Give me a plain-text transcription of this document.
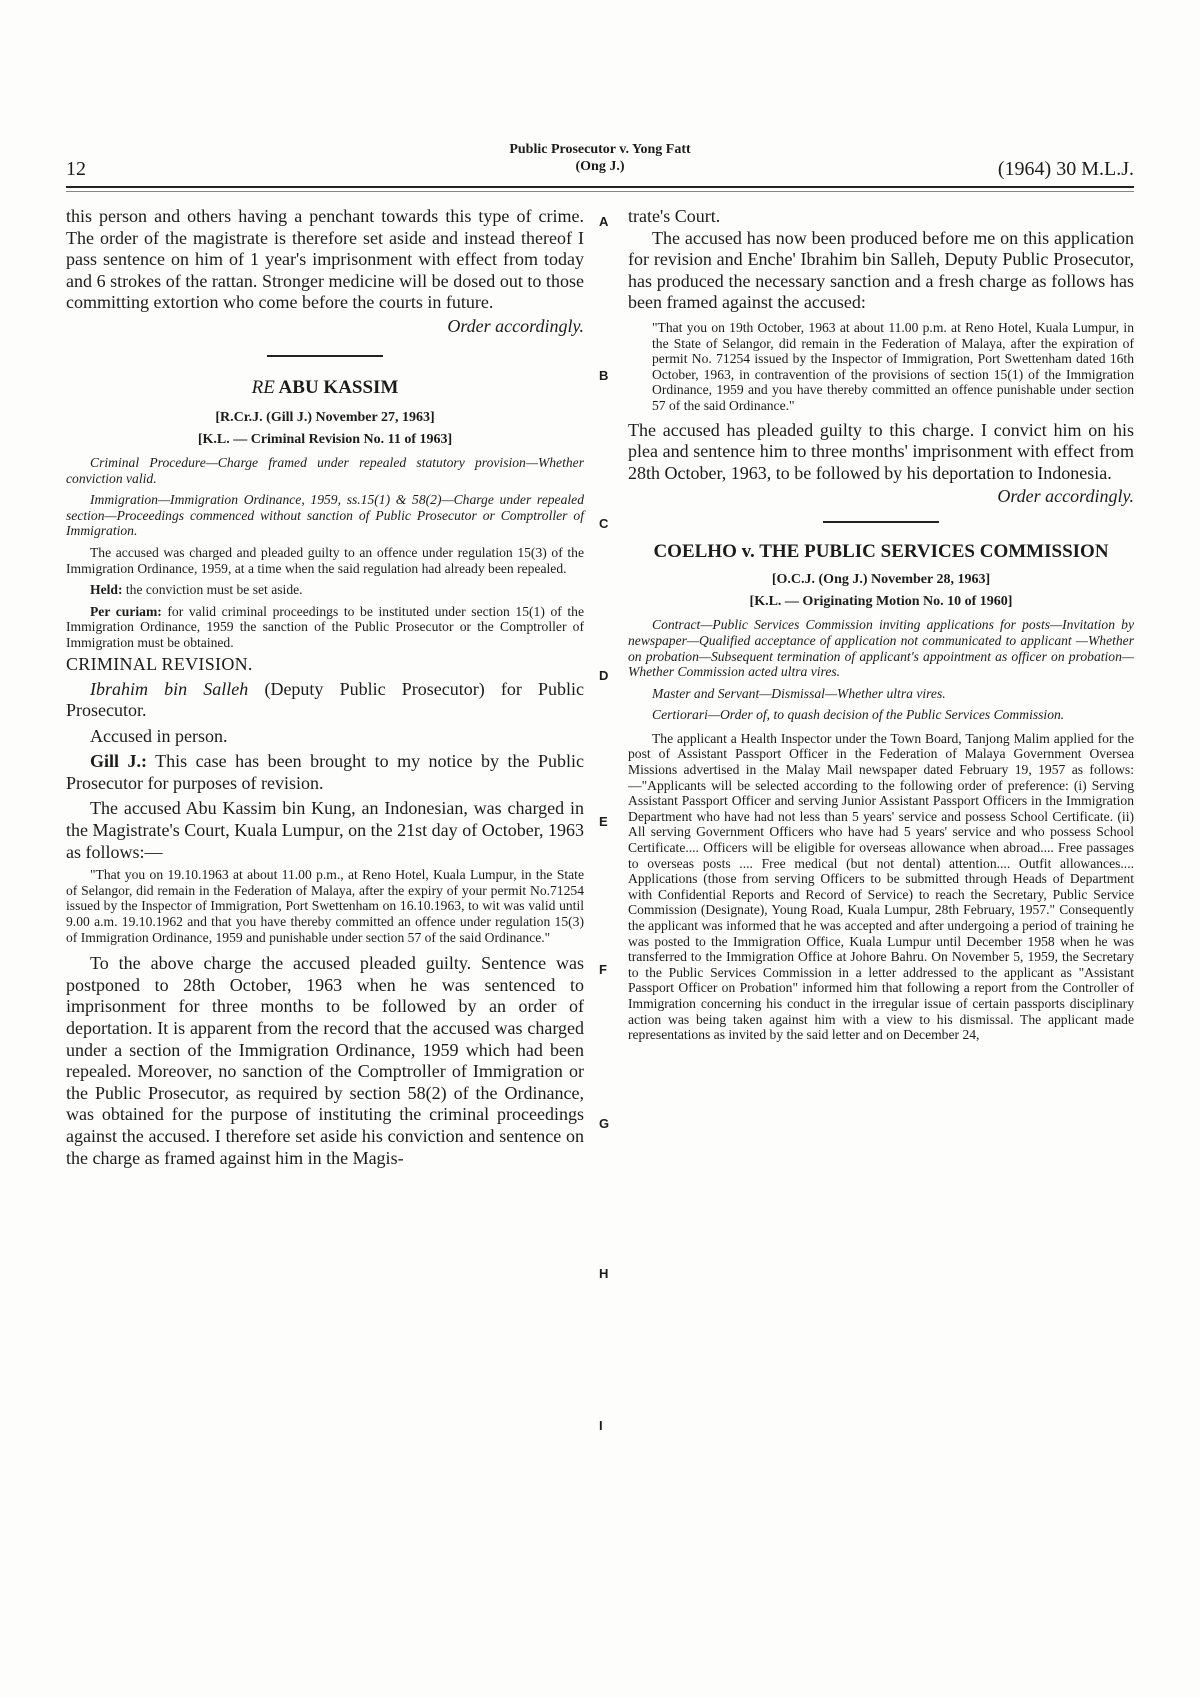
12
Public Prosecutor v. Yong Fatt
(Ong J.)	(1964) 30 M.L.J.
A
B
C
D
E
F
G
H
I

this person and others having a penchant towards this type of crime. The order of the magistrate is therefore set aside and instead thereof I pass sentence on him of 1 year's imprisonment with effect from today and 6 strokes of the rattan. Stronger medicine will be dosed out to those committing extortion who come before the courts in future.

Order accordingly.

RE ABU KASSIM

[R.Cr.J. (Gill J.) November 27, 1963]

[K.L. — Criminal Revision No. 11 of 1963]

Criminal Procedure—Charge framed under repealed statutory provision—Whether conviction valid.

Immigration—Immigration Ordinance, 1959, ss.15(1) & 58(2)—Charge under repealed section—Proceedings commenced without sanction of Public Prosecutor or Comptroller of Immigration.

The accused was charged and pleaded guilty to an offence under regulation 15(3) of the Immigration Ordinance, 1959, at a time when the said regulation had already been repealed.

Held: the conviction must be set aside.

Per curiam: for valid criminal proceedings to be instituted under section 15(1) of the Immigration Ordinance, 1959 the sanction of the Public Prosecutor or the Comptroller of Immigration must be obtained.

CRIMINAL REVISION.

Ibrahim bin Salleh (Deputy Public Prosecutor) for Public Prosecutor.

Accused in person.

Gill J.: This case has been brought to my notice by the Public Prosecutor for purposes of revision.

The accused Abu Kassim bin Kung, an Indonesian, was charged in the Magistrate's Court, Kuala Lumpur, on the 21st day of October, 1963 as follows:—

"That you on 19.10.1963 at about 11.00 p.m., at Reno Hotel, Kuala Lumpur, in the State of Selangor, did remain in the Federation of Malaya, after the expiry of your permit No.71254 issued by the Inspector of Immigration, Port Swettenham on 16.10.1963, to wit was valid until 9.00 a.m. 19.10.1962 and that you have thereby committed an offence under regulation 15(3) of Immigration Ordinance, 1959 and punishable under section 57 of the said Ordinance."

To the above charge the accused pleaded guilty. Sentence was postponed to 28th October, 1963 when he was sentenced to imprisonment for three months to be followed by an order of deportation. It is apparent from the record that the accused was charged under a section of the Immigration Ordinance, 1959 which had been repealed. Moreover, no sanction of the Comptroller of Immigration or the Public Prosecutor, as required by section 58(2) of the Ordinance, was obtained for the purpose of instituting the criminal proceedings against the accused. I therefore set aside his conviction and sentence on the charge as framed against him in the Magis-

trate's Court.

The accused has now been produced before me on this application for revision and Enche' Ibrahim bin Salleh, Deputy Public Prosecutor, has produced the necessary sanction and a fresh charge as follows has been framed against the accused:

"That you on 19th October, 1963 at about 11.00 p.m. at Reno Hotel, Kuala Lumpur, in the State of Selangor, did remain in the Federation of Malaya, after the expiration of permit No. 71254 issued by the Inspector of Immigration, Port Swettenham dated 16th October, 1963, in contravention of the provisions of section 15(1) of the Immigration Ordinance, 1959 and you have thereby committed an offence punishable under section 57 of the said Ordinance."

The accused has pleaded guilty to this charge. I convict him on his plea and sentence him to three months' imprisonment with effect from 28th October, 1963, to be followed by his deportation to Indonesia.

Order accordingly.

COELHO v. THE PUBLIC SERVICES COMMISSION

[O.C.J. (Ong J.) November 28, 1963]

[K.L. — Originating Motion No. 10 of 1960]

Contract—Public Services Commission inviting applications for posts—Invitation by newspaper—Qualified acceptance of application not communicated to applicant —Whether on probation—Subsequent termination of applicant's appointment as officer on probation—Whether Commission acted ultra vires.

Master and Servant—Dismissal—Whether ultra vires.

Certiorari—Order of, to quash decision of the Public Services Commission.

The applicant a Health Inspector under the Town Board, Tanjong Malim applied for the post of Assistant Passport Officer in the Federation of Malaya Government Oversea Missions advertised in the Malay Mail newspaper dated February 19, 1957 as follows:—"Applicants will be selected according to the following order of preference: (i) Serving Assistant Passport Officer and serving Junior Assistant Passport Officers in the Immigration Department who have had not less than 5 years' service and possess School Certificate. (ii) All serving Government Officers who have had 5 years' service and who possess School Certificate.... Officers will be eligible for overseas allowance when abroad.... Free passages to overseas posts .... Free medical (but not dental) attention.... Outfit allowances.... Applications (those from serving Officers to be submitted through Heads of Department with Confidential Reports and Record of Service) to reach the Secretary, Public Service Commission (Designate), Young Road, Kuala Lumpur, 28th February, 1957." Consequently the applicant was informed that he was accepted and after undergoing a period of training he was posted to the Immigration Office, Kuala Lumpur until December 1958 when he was transferred to the Immigration Office at Johore Bahru. On November 5, 1959, the Secretary to the Public Services Commission in a letter addressed to the applicant as "Assistant Passport Officer on Probation" informed him that following a report from the Controller of Immigration concerning his conduct in the irregular issue of certain passports disciplinary action was being taken against him with a view to his dismissal. The applicant made representations as invited by the said letter and on December 24,
